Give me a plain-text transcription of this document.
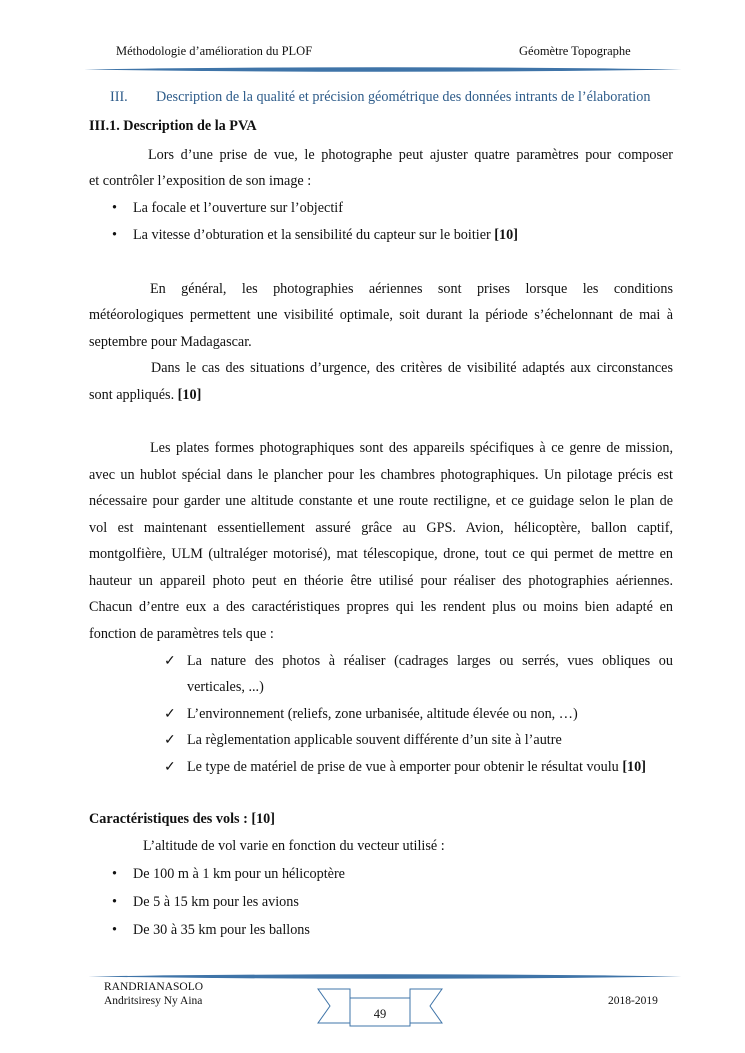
Méthodologie d’amélioration du PLOF	Géomètre Topographe
III. Description de la qualité et précision géométrique des données intrants de l’élaboration
III.1. Description de la PVA
Lors d’une prise de vue, le photographe peut ajuster quatre paramètres pour composer
et contrôler l’exposition de son image :
• La focale et l’ouverture sur l’objectif
• La vitesse d’obturation et la sensibilité du capteur sur le boitier [10]
En général, les photographies aériennes sont prises lorsque les conditions
météorologiques permettent une visibilité optimale, soit durant la période s’échelonnant de mai à
septembre pour Madagascar.
Dans le cas des situations d’urgence, des critères de visibilité adaptés aux circonstances
sont appliqués. [10]
Les plates formes photographiques sont des appareils spécifiques à ce genre de mission,
avec un hublot spécial dans le plancher pour les chambres photographiques. Un pilotage précis est
nécessaire pour garder une altitude constante et une route rectiligne, et ce guidage selon le plan de
vol est maintenant essentiellement assuré grâce au GPS. Avion, hélicoptère, ballon captif,
montgolfière, ULM (ultraléger motorisé), mat télescopique, drone, tout ce qui permet de mettre en
hauteur un appareil photo peut en théorie être utilisé pour réaliser des photographies aériennes.
Chacun d’entre eux a des caractéristiques propres qui les rendent plus ou moins bien adapté en
fonction de paramètres tels que :
✓ La nature des photos à réaliser (cadrages larges ou serrés, vues obliques ou
verticales, ...)
✓ L’environnement (reliefs, zone urbanisée, altitude élevée ou non, …)
✓ La règlementation applicable souvent différente d’un site à l’autre
✓ Le type de matériel de prise de vue à emporter pour obtenir le résultat voulu [10]
Caractéristiques des vols : [10]
L’altitude de vol varie en fonction du vecteur utilisé :
• De 100 m à 1 km pour un hélicoptère
• De 5 à 15 km pour les avions
• De 30 à 35 km pour les ballons
RANDRIANASOLO
Andritsiresy Ny Aina	2018-2019
49
